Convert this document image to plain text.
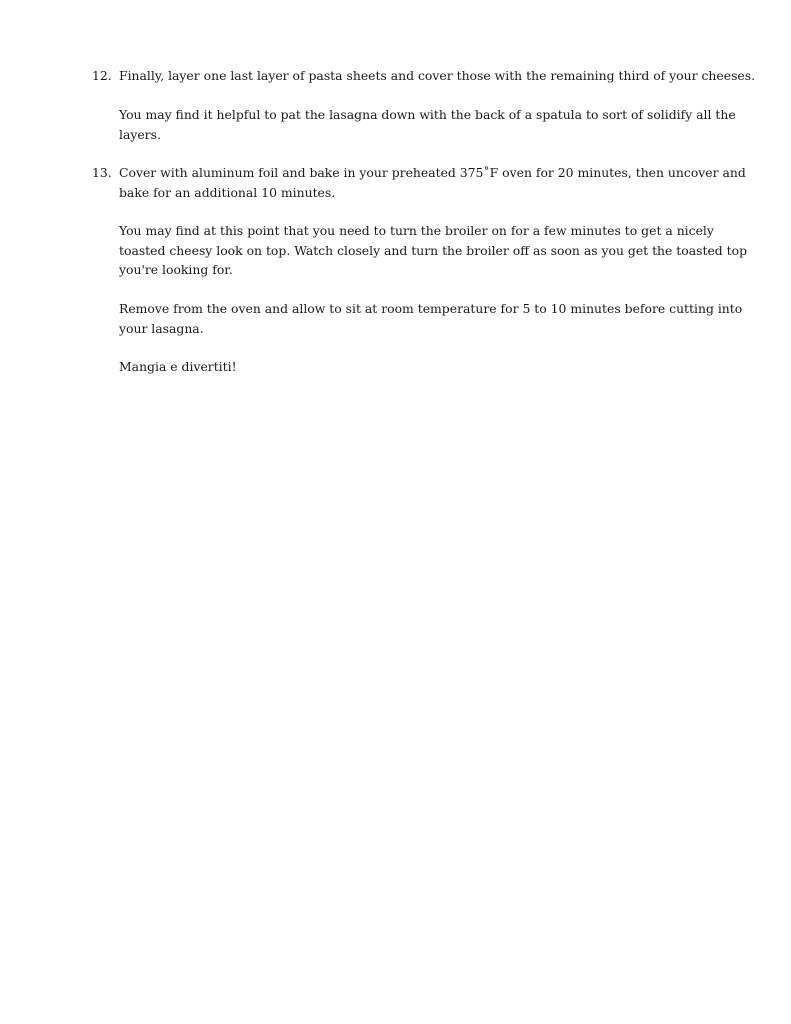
12. Finally, layer one last layer of pasta sheets and cover those with the remaining third of your cheeses.

You may find it helpful to pat the lasagna down with the back of a spatula to sort of solidify all the
layers.

13. Cover with aluminum foil and bake in your preheated 375˚F oven for 20 minutes, then uncover and
bake for an additional 10 minutes.

You may find at this point that you need to turn the broiler on for a few minutes to get a nicely
toasted cheesy look on top. Watch closely and turn the broiler off as soon as you get the toasted top
you're looking for.

Remove from the oven and allow to sit at room temperature for 5 to 10 minutes before cutting into
your lasagna.

Mangia e divertiti!
